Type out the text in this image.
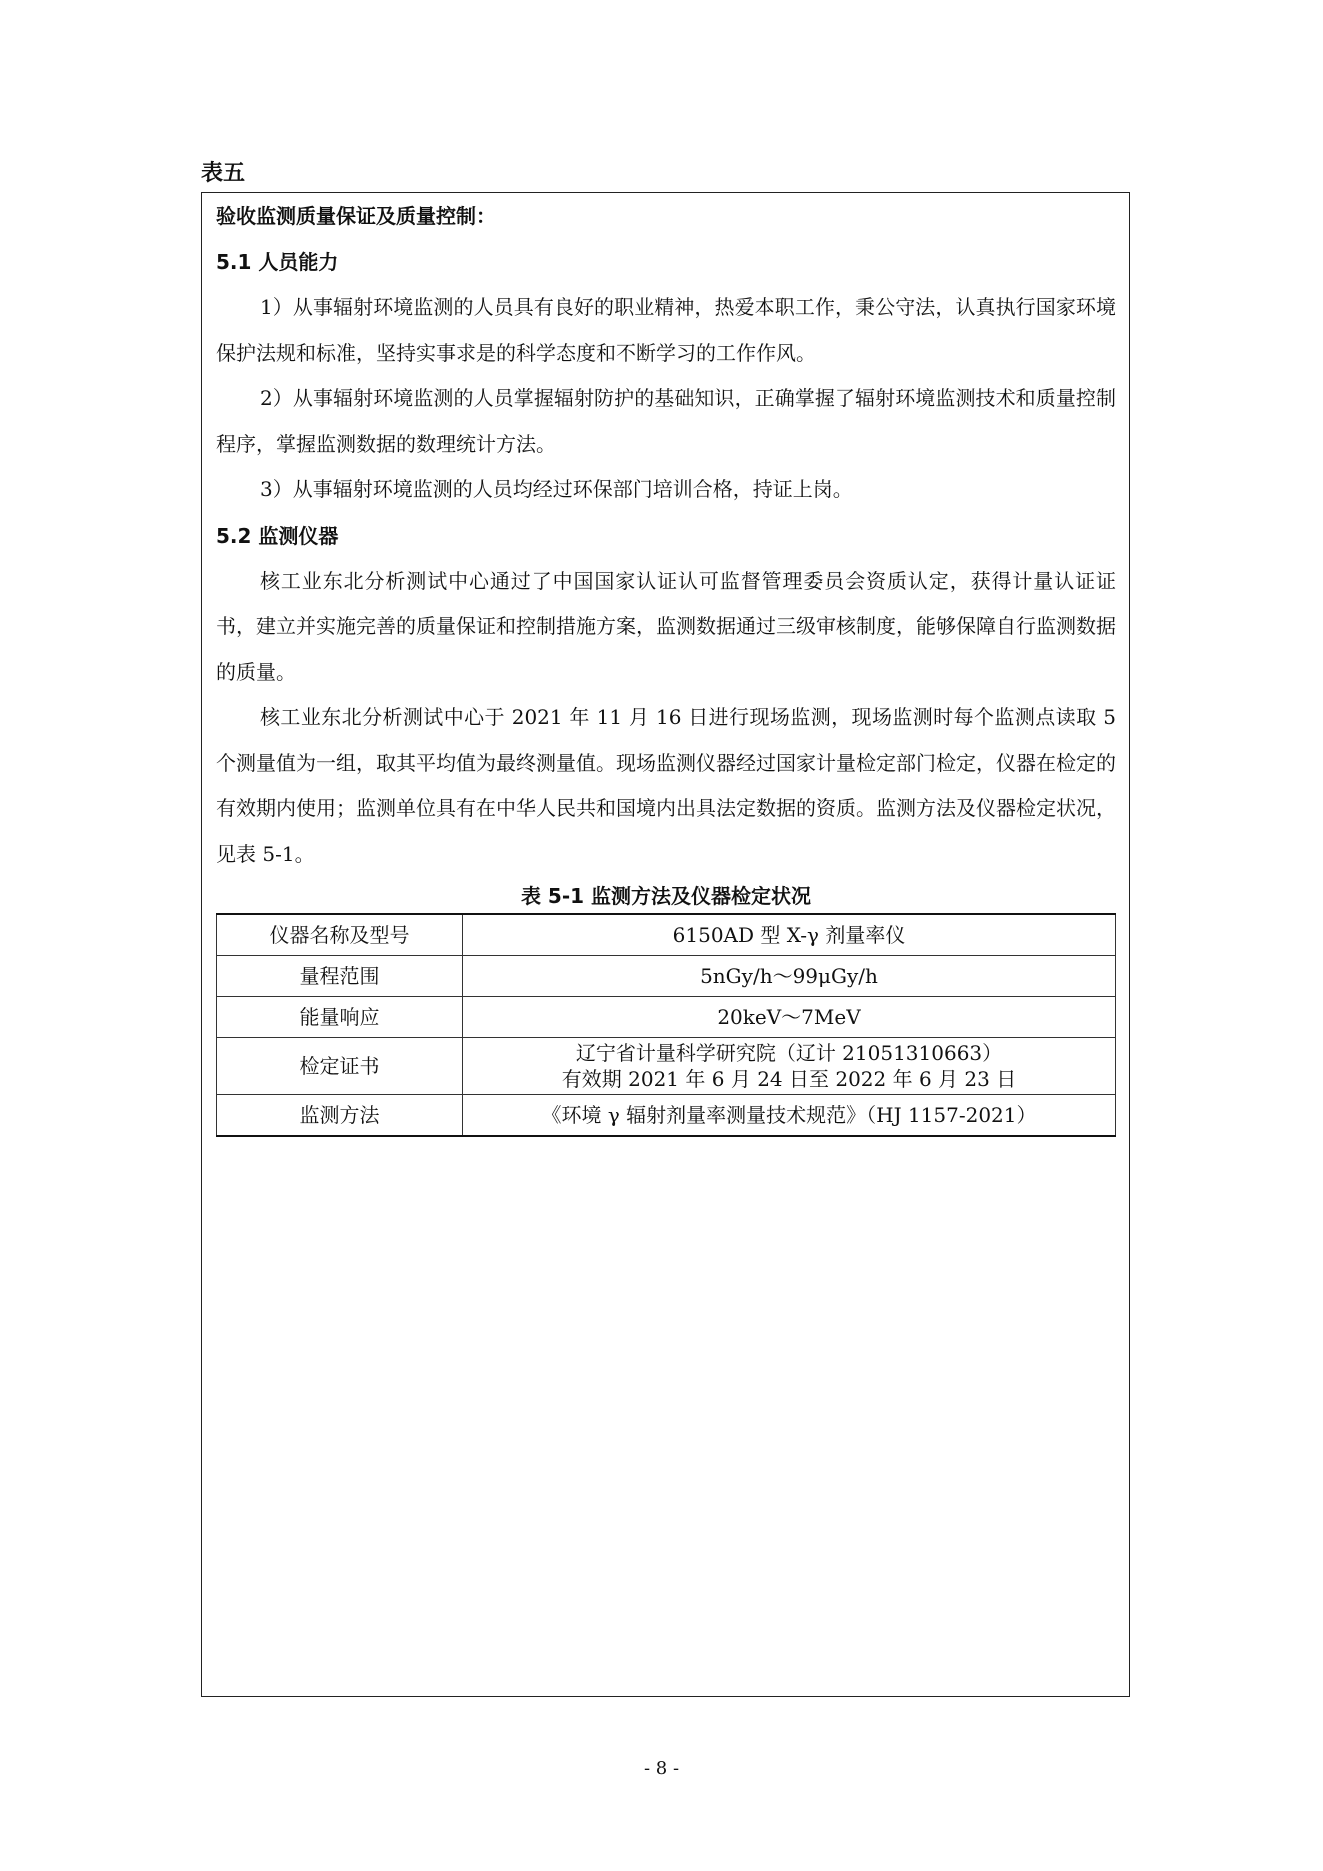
表五
验收监测质量保证及质量控制：
5.1 人员能力

1）从事辐射环境监测的人员具有良好的职业精神，热爱本职工作，秉公守法，认真执行国家环境保护法规和标准，坚持实事求是的科学态度和不断学习的工作作风。

2）从事辐射环境监测的人员掌握辐射防护的基础知识，正确掌握了辐射环境监测技术和质量控制程序，掌握监测数据的数理统计方法。

3）从事辐射环境监测的人员均经过环保部门培训合格，持证上岗。

5.2 监测仪器

核工业东北分析测试中心通过了中国国家认证认可监督管理委员会资质认定，获得计量认证证书，建立并实施完善的质量保证和控制措施方案，监测数据通过三级审核制度，能够保障自行监测数据的质量。

核工业东北分析测试中心于 2021 年 11 月 16 日进行现场监测，现场监测时每个监测点读取 5 个测量值为一组，取其平均值为最终测量值。现场监测仪器经过国家计量检定部门检定，仪器在检定的有效期内使用；监测单位具有在中华人民共和国境内出具法定数据的资质。监测方法及仪器检定状况，见表 5-1。

表 5-1 监测方法及仪器检定状况
仪器名称及型号	6150AD 型 X-γ 剂量率仪
量程范围	5nGy/h～99μGy/h
能量响应	20keV～7MeV
检定证书	辽宁省计量科学研究院（辽计 21051310663）
有效期 2021 年 6 月 24 日至 2022 年 6 月 23 日

监测方法	《环境 γ 辐射剂量率测量技术规范》（HJ 1157-2021）
- 8 -
